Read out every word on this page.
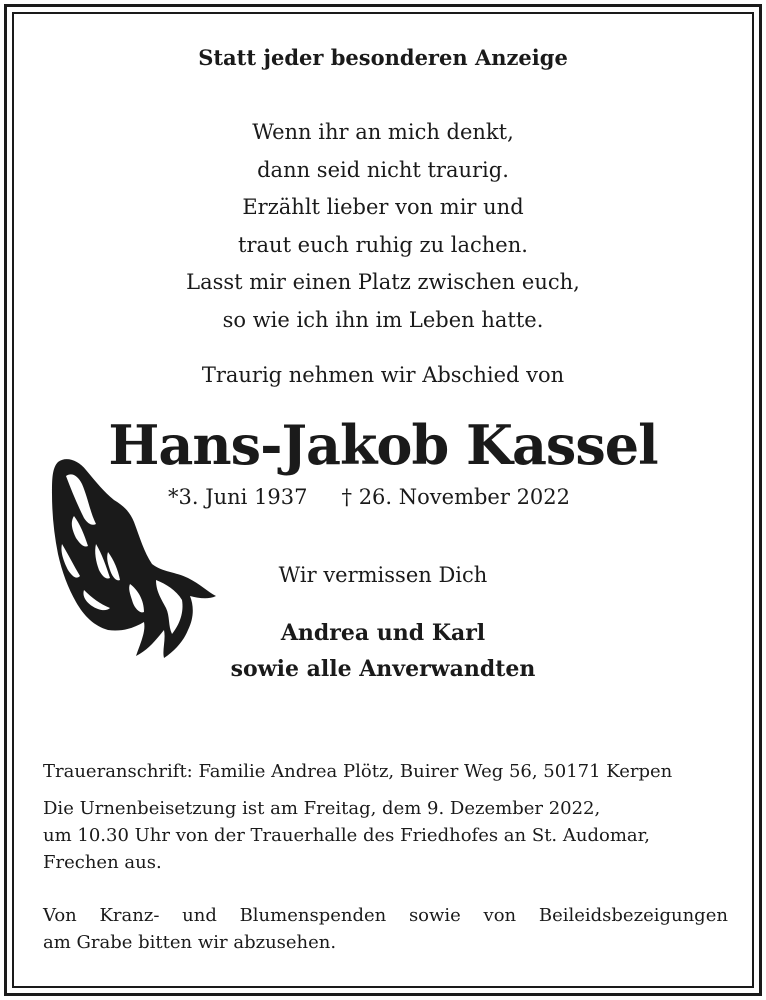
Statt jeder besonderen Anzeige
Wenn ihr an mich denkt,
dann seid nicht traurig.
Erzählt lieber von mir und
traut euch ruhig zu lachen.
Lasst mir einen Platz zwischen euch,
so wie ich ihn im Leben hatte.
Traurig nehmen wir Abschied von
Hans-Jakob Kassel
*3. Juni 1937 † 26. November 2022
Wir vermissen Dich
Andrea und Karl
sowie alle Anverwandten
Traueranschrift: Familie Andrea Plötz, Buirer Weg 56, 50171 Kerpen
Die Urnenbeisetzung ist am Freitag, dem 9. Dezember 2022,
um 10.30 Uhr von der Trauerhalle des Friedhofes an St. Audomar,
Frechen aus.
Von Kranz- und Blumenspenden sowie von Beileidsbezeigungen
am Grabe bitten wir abzusehen.
